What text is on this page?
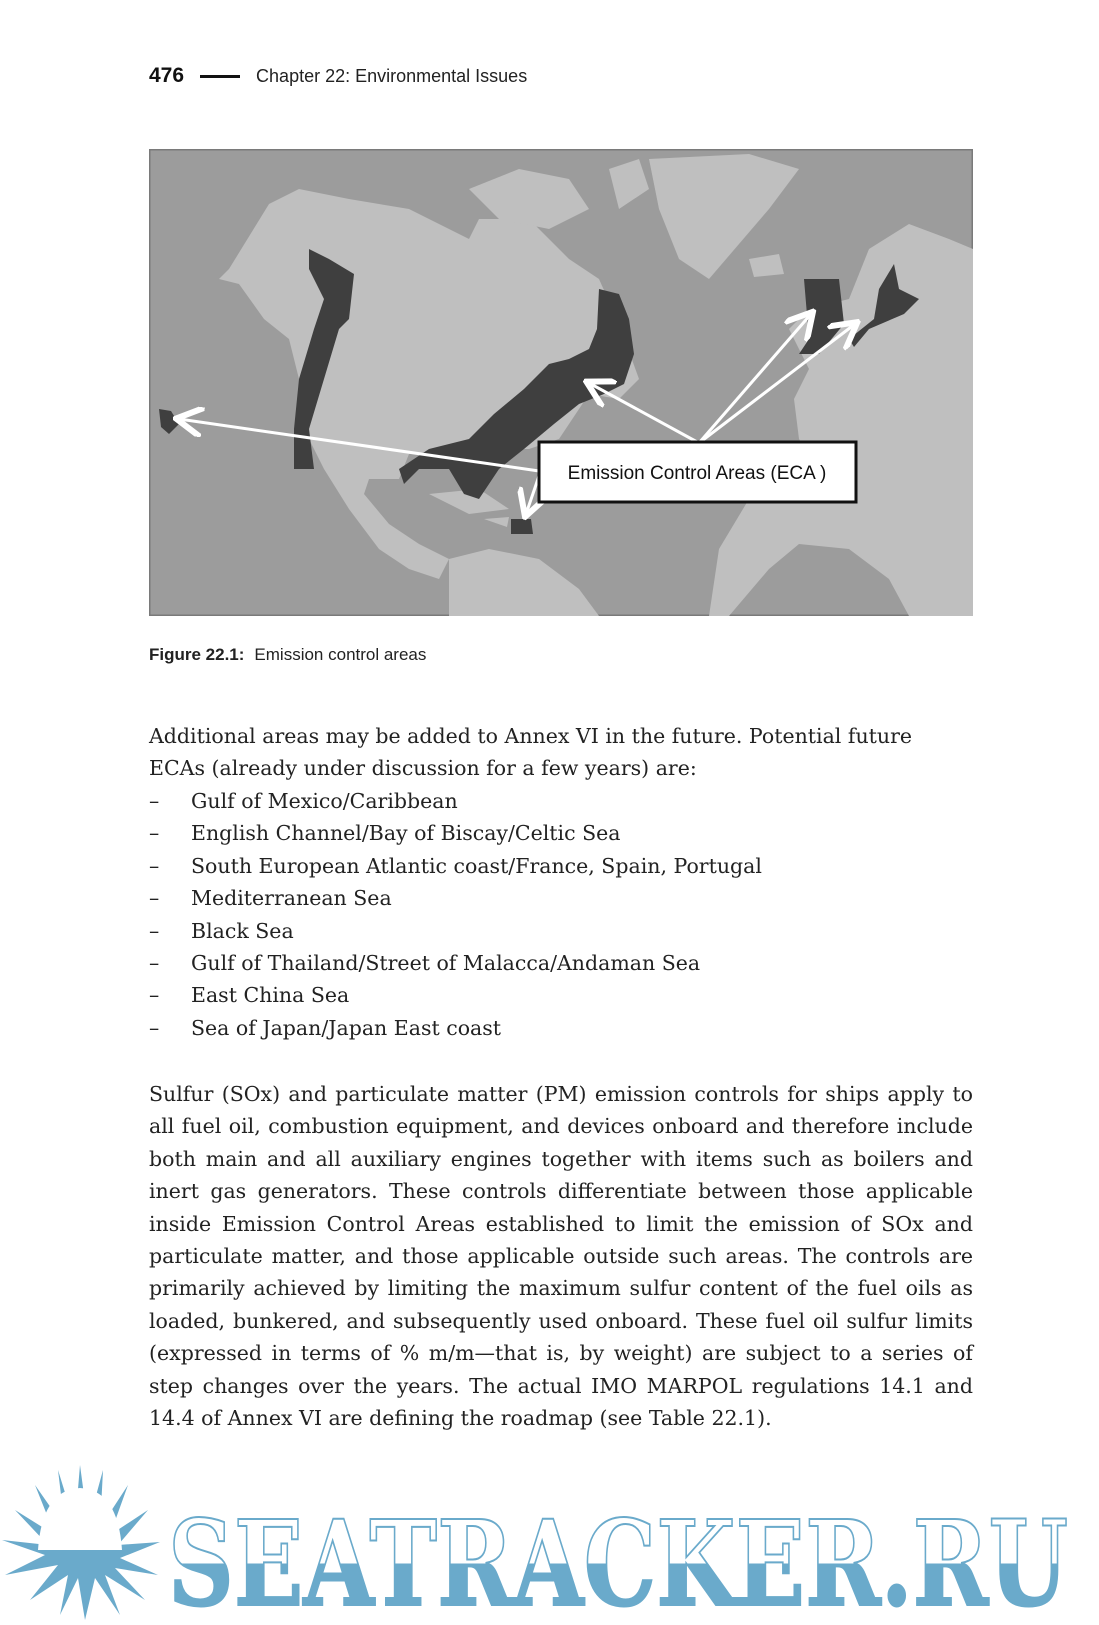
476	Chapter 22: Environmental Issues
Emission Control Areas (ECA )
Figure 22.1: Emission control areas
Additional areas may be added to Annex VI in the future. Potential future ECAs (already under discussion for a few years) are:
–	Gulf of Mexico/Caribbean
–	English Channel/Bay of Biscay/Celtic Sea
–	South European Atlantic coast/France, Spain, Portugal
–	Mediterranean Sea
–	Black Sea
–	Gulf of Thailand/Street of Malacca/Andaman Sea
–	East China Sea
–	Sea of Japan/Japan East coast
Sulfur (SOx) and particulate matter (PM) emission controls for ships apply to all fuel oil, combustion equipment, and devices onboard and therefore include both main and all auxiliary engines together with items such as boilers and inert gas generators. These controls differentiate between those applicable inside Emission Control Areas established to limit the emission of SOx and particulate matter, and those applicable outside such areas. The controls are primarily achieved by limiting the maximum sulfur content of the fuel oils as loaded, bunkered, and subsequently used onboard. These fuel oil sulfur limits (expressed in terms of % m/m—that is, by weight) are subject to a series of step changes over the years. The actual IMO MARPOL regulations 14.1 and 14.4 of Annex VI are defining the roadmap (see Table 22.1).
SEATRACKER.RU
